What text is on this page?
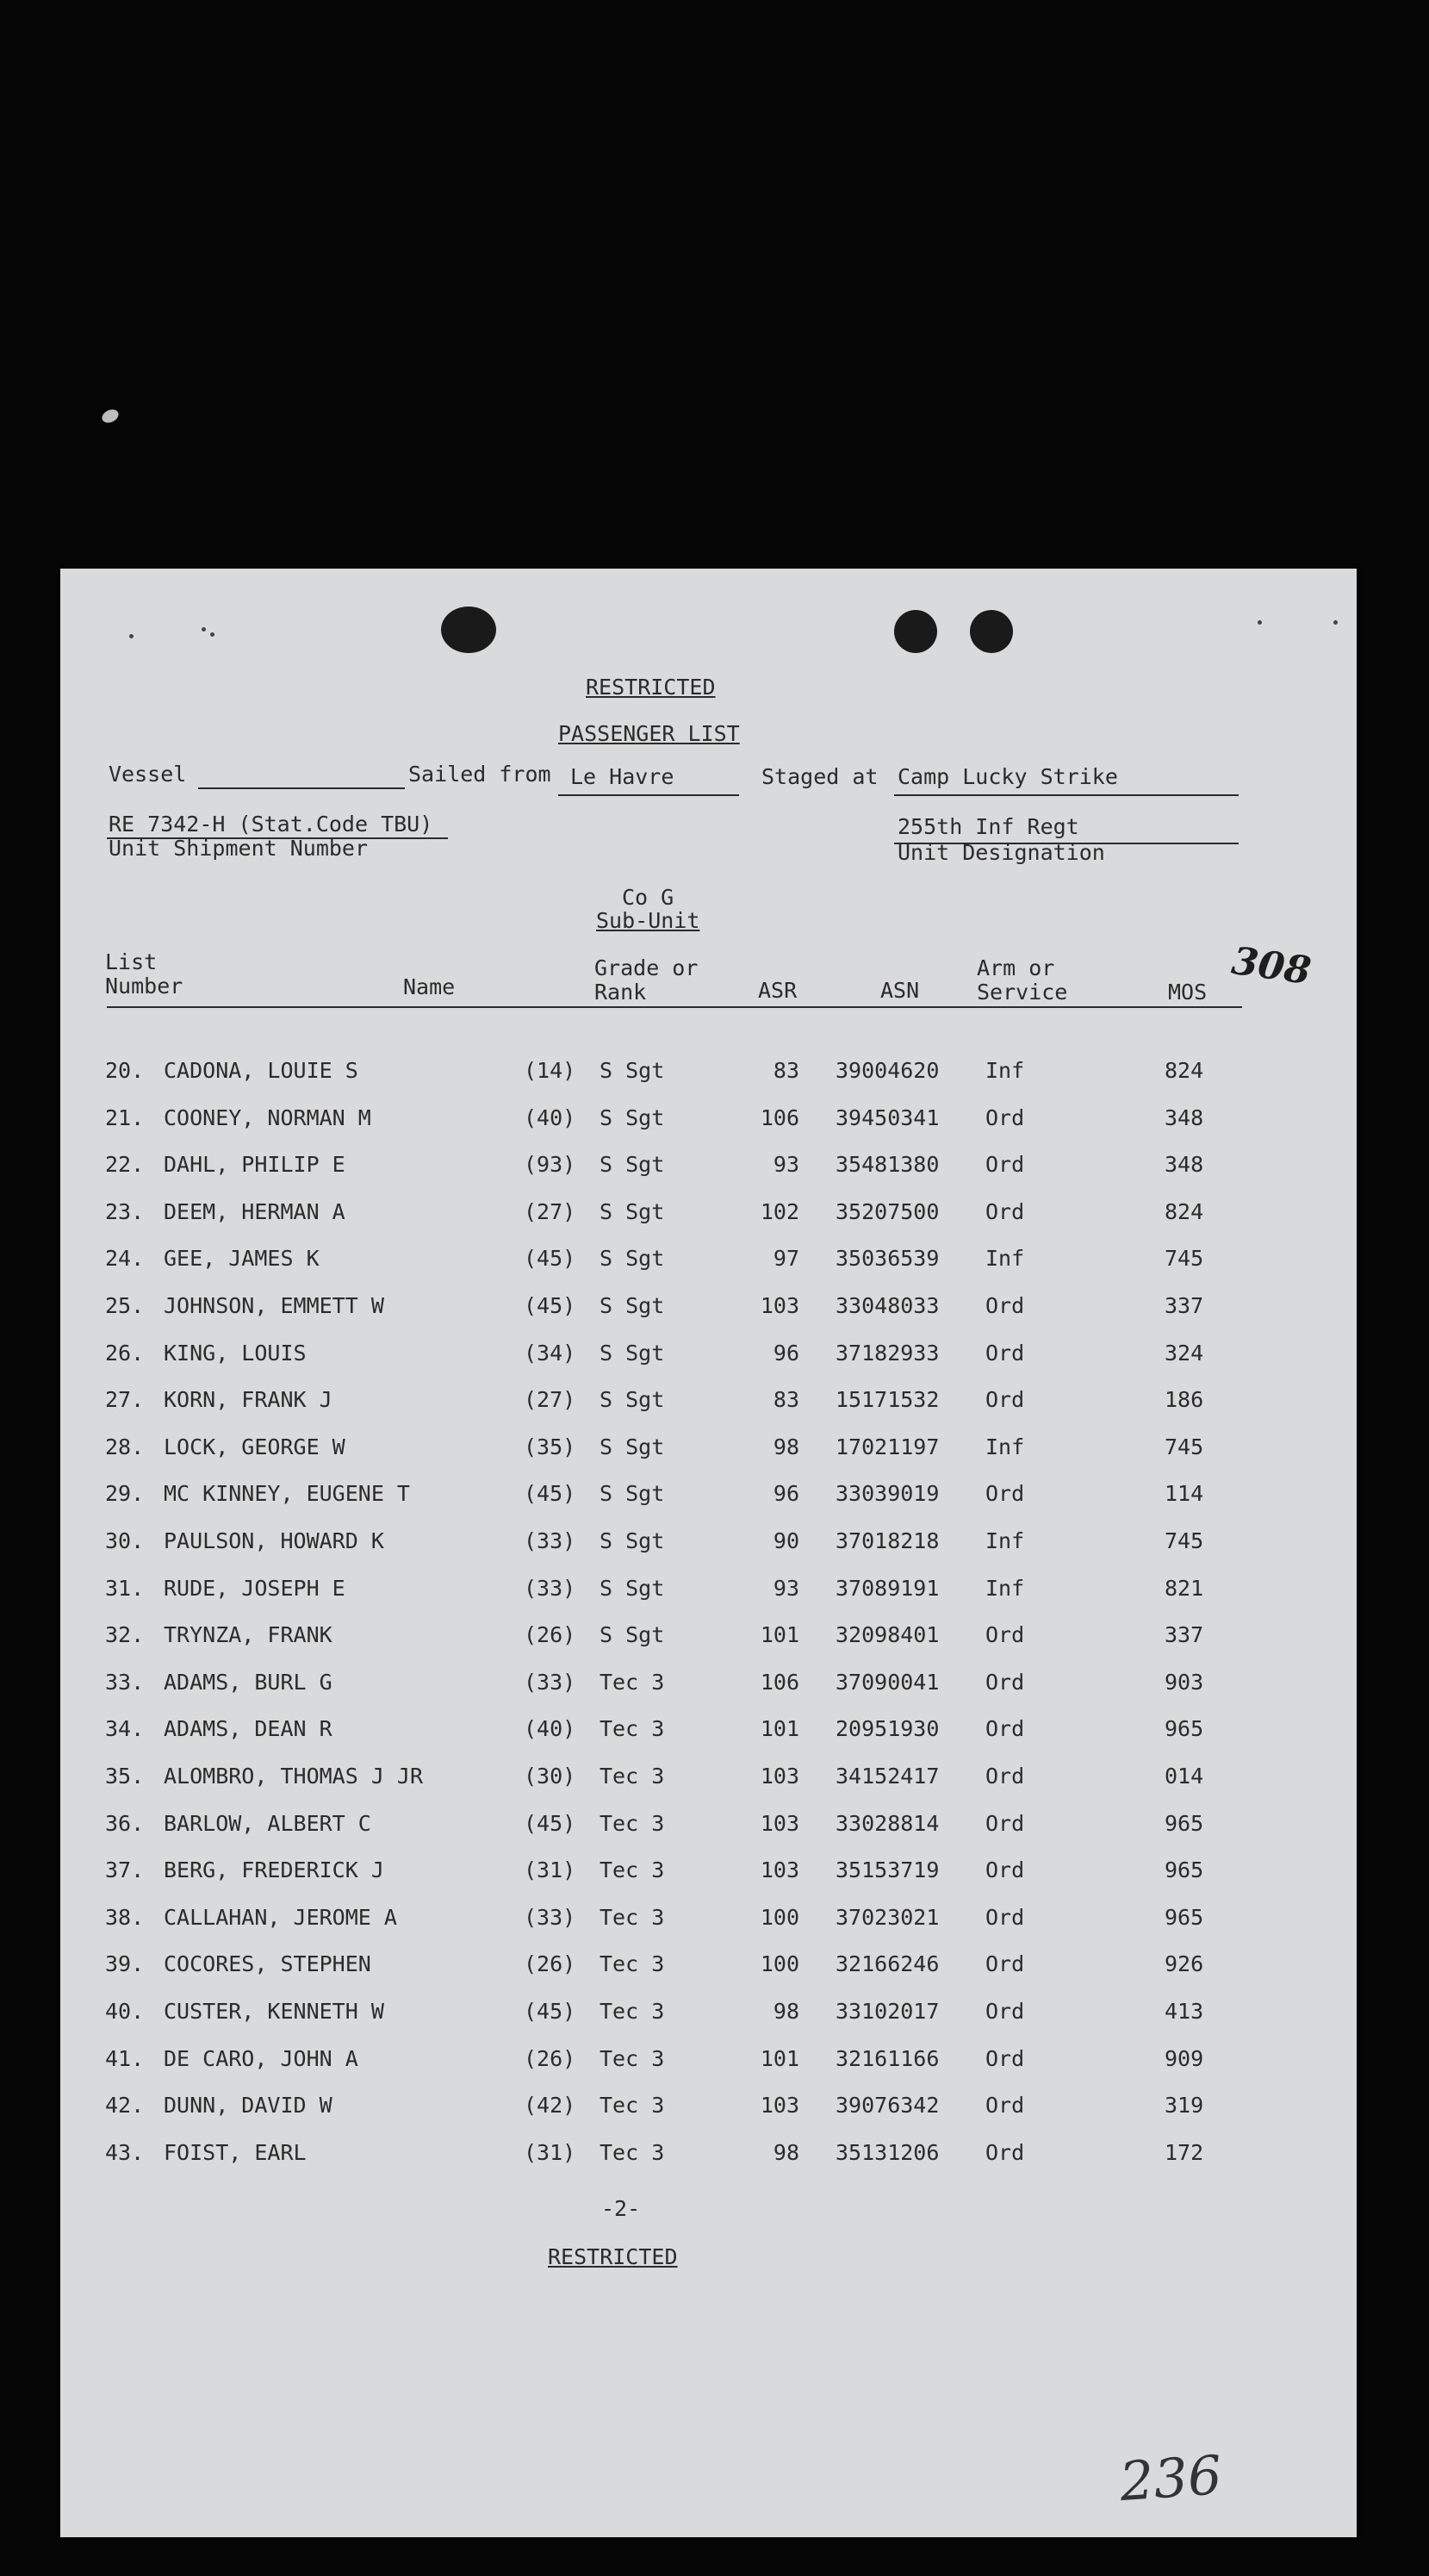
RESTRICTED
PASSENGER LIST
Vessel	Sailed from Le Havre	Staged at Camp Lucky Strike
RE 7342-H (Stat.Code TBU)
Unit Shipment Number
255th Inf Regt
Unit Designation
Co G
Sub-Unit
308
List
Number	Name
Grade or
Rank	ASR	ASN
Arm or
Service	MOS
20. CADONA, LOUIE S	(14) S Sgt	83 39004620 Inf	824
21. COONEY, NORMAN M	(40) S Sgt	106 39450341 Ord	348
22. DAHL, PHILIP E	(93) S Sgt	93 35481380 Ord	348
23. DEEM, HERMAN A	(27) S Sgt	102 35207500 Ord	824
24. GEE, JAMES K	(45) S Sgt	97 35036539 Inf	745
25. JOHNSON, EMMETT W	(45) S Sgt	103 33048033 Ord	337
26. KING, LOUIS	(34) S Sgt	96 37182933 Ord	324
27. KORN, FRANK J	(27) S Sgt	83 15171532 Ord	186
28. LOCK, GEORGE W	(35) S Sgt	98 17021197 Inf	745
29. MC KINNEY, EUGENE T	(45) S Sgt	96 33039019 Ord	114
30. PAULSON, HOWARD K	(33) S Sgt	90 37018218 Inf	745
31. RUDE, JOSEPH E	(33) S Sgt	93 37089191 Inf	821
32. TRYNZA, FRANK	(26) S Sgt	101 32098401 Ord	337
33. ADAMS, BURL G	(33) Tec 3	106 37090041 Ord	903
34. ADAMS, DEAN R	(40) Tec 3	101 20951930 Ord	965
35. ALOMBRO, THOMAS J JR	(30) Tec 3	103 34152417 Ord	014
36. BARLOW, ALBERT C	(45) Tec 3	103 33028814 Ord	965
37. BERG, FREDERICK J	(31) Tec 3	103 35153719 Ord	965
38. CALLAHAN, JEROME A	(33) Tec 3	100 37023021 Ord	965
39. COCORES, STEPHEN	(26) Tec 3	100 32166246 Ord	926
40. CUSTER, KENNETH W	(45) Tec 3	98 33102017 Ord	413
41. DE CARO, JOHN A	(26) Tec 3	101 32161166 Ord	909
42. DUNN, DAVID W	(42) Tec 3	103 39076342 Ord	319
43. FOIST, EARL	(31) Tec 3	98 35131206 Ord	172
-2-
RESTRICTED
236
